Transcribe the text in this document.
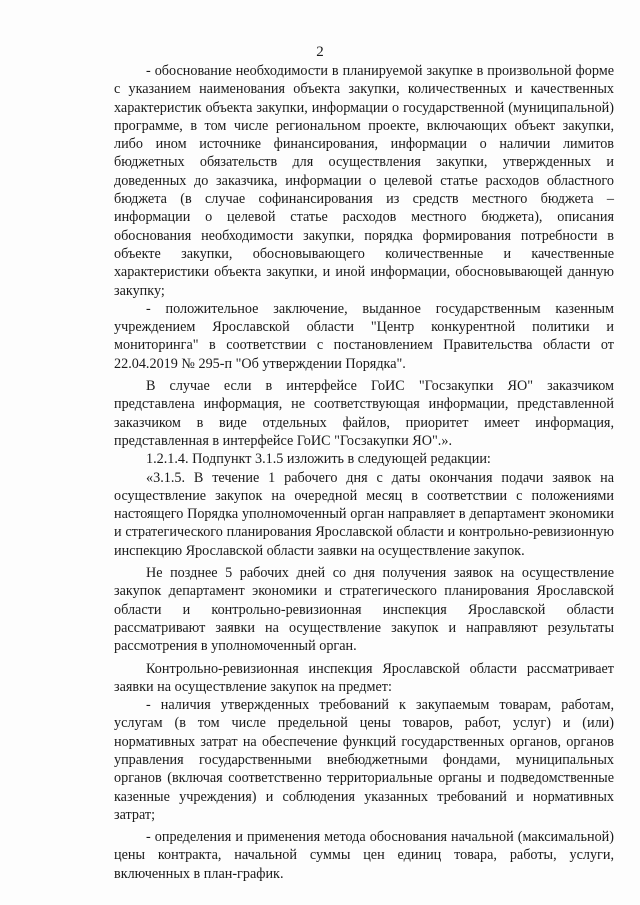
2

- обоснование необходимости в планируемой закупке в произвольной форме с указанием наименования объекта закупки, количественных и качественных характеристик объекта закупки, информации о государственной (муниципальной) программе, в том числе региональном проекте, включающих объект закупки, либо ином источнике финансирования, информации о наличии лимитов бюджетных обязательств для осуществления закупки, утвержденных и доведенных до заказчика, информации о целевой статье расходов областного бюджета (в случае софинансирования из средств местного бюджета – информации о целевой статье расходов местного бюджета), описания обоснования необходимости закупки, порядка формирования потребности в объекте закупки, обосновывающего количественные и качественные характеристики объекта закупки, и иной информации, обосновывающей данную закупку;

- положительное заключение, выданное государственным казенным учреждением Ярославской области "Центр конкурентной политики и мониторинга" в соответствии с постановлением Правительства области от 22.04.2019 № 295-п "Об утверждении Порядка".

В случае если в интерфейсе ГоИС "Госзакупки ЯО" заказчиком представлена информация, не соответствующая информации, представленной заказчиком в виде отдельных файлов, приоритет имеет информация, представленная в интерфейсе ГоИС "Госзакупки ЯО".».

1.2.1.4. Подпункт 3.1.5 изложить в следующей редакции:

«3.1.5. В течение 1 рабочего дня с даты окончания подачи заявок на осуществление закупок на очередной месяц в соответствии с положениями настоящего Порядка уполномоченный орган направляет в департамент экономики и стратегического планирования Ярославской области и контрольно-ревизионную инспекцию Ярославской области заявки на осуществление закупок.

Не позднее 5 рабочих дней со дня получения заявок на осуществление закупок департамент экономики и стратегического планирования Ярославской области и контрольно-ревизионная инспекция Ярославской области рассматривают заявки на осуществление закупок и направляют результаты рассмотрения в уполномоченный орган.

Контрольно-ревизионная инспекция Ярославской области рассматривает заявки на осуществление закупок на предмет:

- наличия утвержденных требований к закупаемым товарам, работам, услугам (в том числе предельной цены товаров, работ, услуг) и (или) нормативных затрат на обеспечение функций государственных органов, органов управления государственными внебюджетными фондами, муниципальных органов (включая соответственно территориальные органы и подведомственные казенные учреждения) и соблюдения указанных требований и нормативных затрат;

- определения и применения метода обоснования начальной (максимальной) цены контракта, начальной суммы цен единиц товара, работы, услуги, включенных в план-график.
